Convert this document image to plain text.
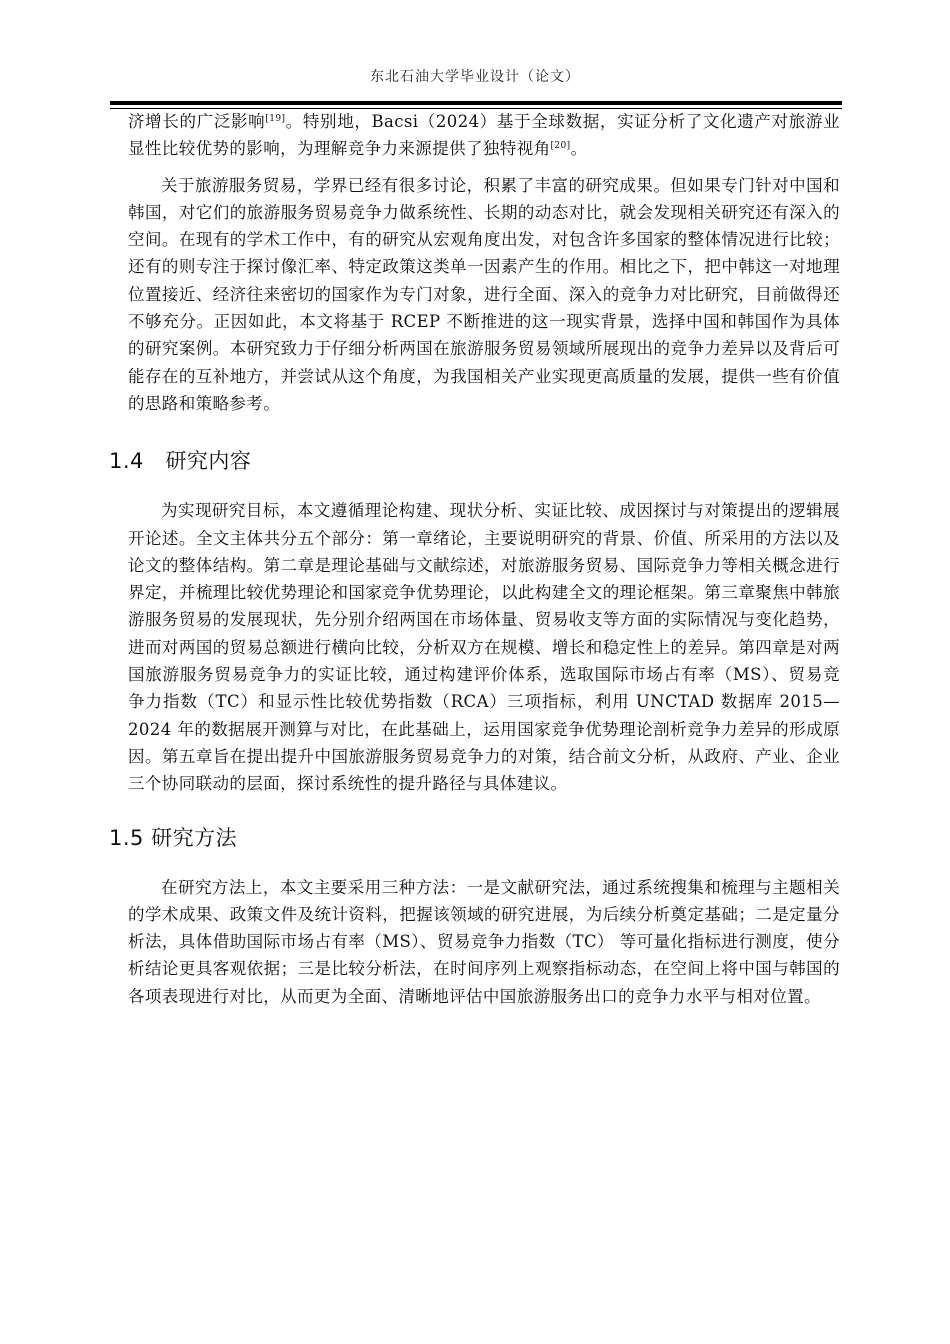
东北石油大学毕业设计（论文）

济增长的广泛影响[19]。特别地，Bacsi（2024）基于全球数据，实证分析了文化遗产对旅游业显性比较优势的影响，为理解竞争力来源提供了独特视角[20]。

关于旅游服务贸易，学界已经有很多讨论，积累了丰富的研究成果。但如果专门针对中国和韩国，对它们的旅游服务贸易竞争力做系统性、长期的动态对比，就会发现相关研究还有深入的空间。在现有的学术工作中，有的研究从宏观角度出发，对包含许多国家的整体情况进行比较；还有的则专注于探讨像汇率、特定政策这类单一因素产生的作用。相比之下，把中韩这一对地理位置接近、经济往来密切的国家作为专门对象，进行全面、深入的竞争力对比研究，目前做得还不够充分。正因如此，本文将基于 RCEP 不断推进的这一现实背景，选择中国和韩国作为具体的研究案例。本研究致力于仔细分析两国在旅游服务贸易领域所展现出的竞争力差异以及背后可能存在的互补地方，并尝试从这个角度，为我国相关产业实现更高质量的发展，提供一些有价值的思路和策略参考。

1.4 研究内容

为实现研究目标，本文遵循理论构建、现状分析、实证比较、成因探讨与对策提出的逻辑展开论述。全文主体共分五个部分：第一章绪论，主要说明研究的背景、价值、所采用的方法以及论文的整体结构。第二章是理论基础与文献综述，对旅游服务贸易、国际竞争力等相关概念进行界定，并梳理比较优势理论和国家竞争优势理论，以此构建全文的理论框架。第三章聚焦中韩旅游服务贸易的发展现状，先分别介绍两国在市场体量、贸易收支等方面的实际情况与变化趋势，进而对两国的贸易总额进行横向比较，分析双方在规模、增长和稳定性上的差异。第四章是对两国旅游服务贸易竞争力的实证比较，通过构建评价体系，选取国际市场占有率（MS）、贸易竞争力指数（TC）和显示性比较优势指数（RCA）三项指标，利用 UNCTAD 数据库 2015—2024 年的数据展开测算与对比，在此基础上，运用国家竞争优势理论剖析竞争力差异的形成原因。第五章旨在提出提升中国旅游服务贸易竞争力的对策，结合前文分析，从政府、产业、企业三个协同联动的层面，探讨系统性的提升路径与具体建议。

1.5 研究方法

在研究方法上，本文主要采用三种方法：一是文献研究法，通过系统搜集和梳理与主题相关的学术成果、政策文件及统计资料，把握该领域的研究进展，为后续分析奠定基础；二是定量分析法，具体借助国际市场占有率（MS）、贸易竞争力指数（TC） 等可量化指标进行测度，使分析结论更具客观依据；三是比较分析法，在时间序列上观察指标动态，在空间上将中国与韩国的各项表现进行对比，从而更为全面、清晰地评估中国旅游服务出口的竞争力水平与相对位置。
